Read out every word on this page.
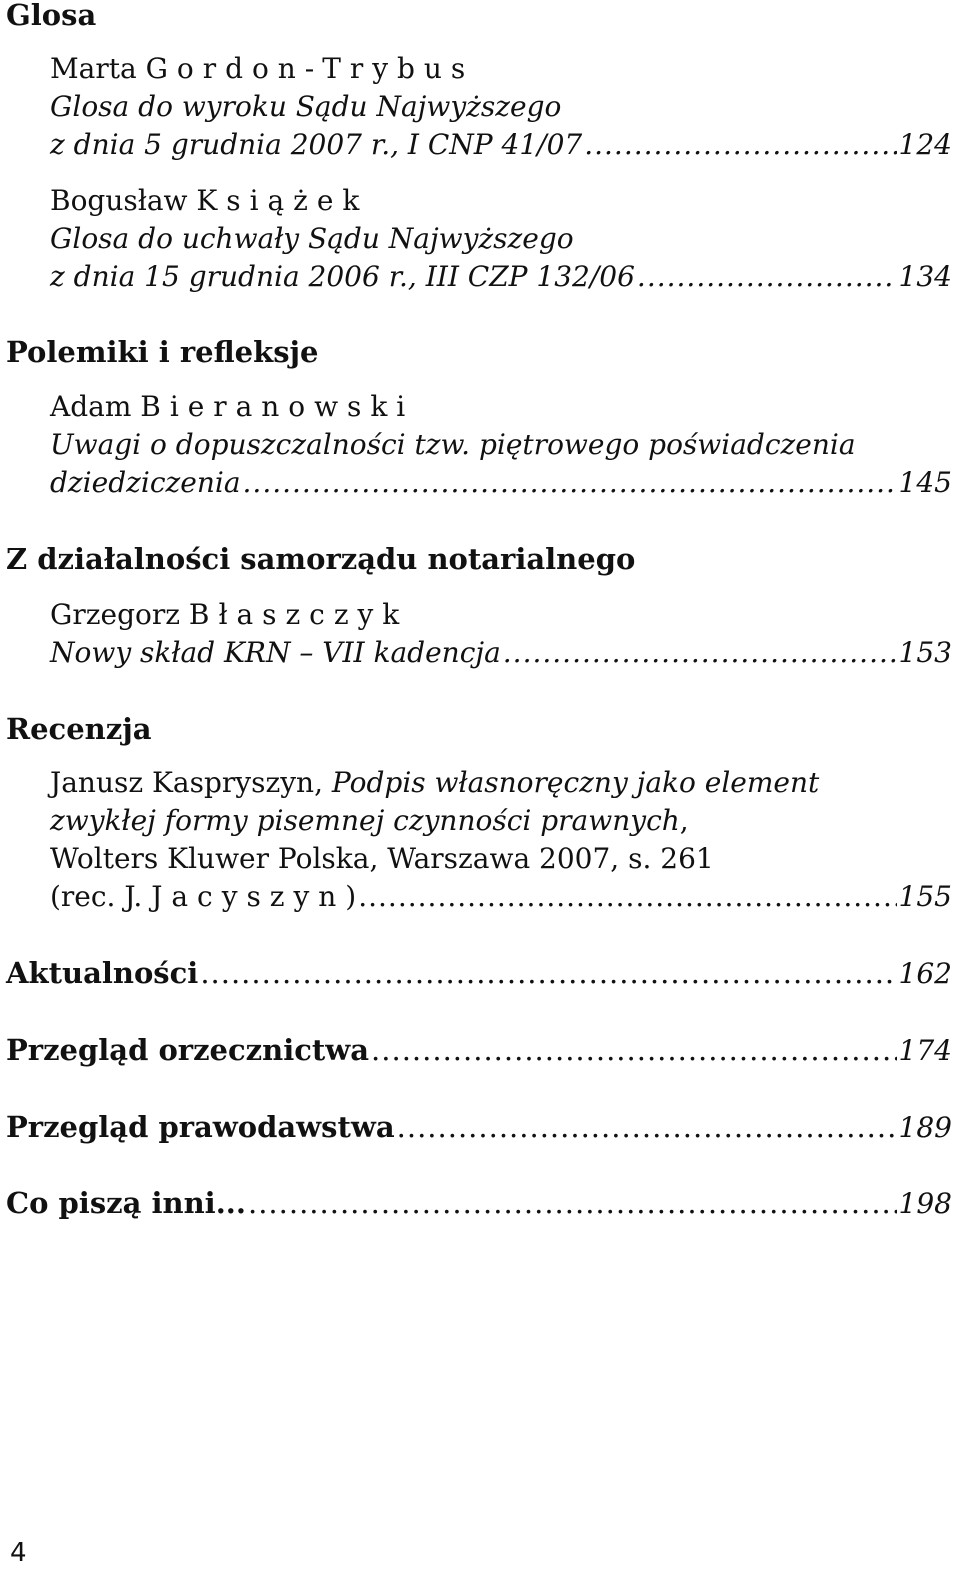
Glosa
Marta Gordon-Trybus
Glosa do wyroku Sądu Najwyższego
z dnia 5 grudnia 2007 r., I CNP 41/07 .....	124
Bogusław Książek
Glosa do uchwały Sądu Najwyższego
z dnia 15 grudnia 2006 r., III CZP 132/06 .....	134
Polemiki i refleksje
Adam Bieranowski
Uwagi o dopuszczalności tzw. piętrowego poświadczenia
dziedziczenia .....	145
Z działalności samorządu notarialnego
Grzegorz Błaszczyk
Nowy skład KRN – VII kadencja .....	153
Recenzja
Janusz Kaspryszyn, Podpis własnoręczny jako element
zwykłej formy pisemnej czynności prawnych,
Wolters Kluwer Polska, Warszawa 2007, s. 261
(rec. J. Jacyszyn) .....	155
Aktualności .....	162
Przegląd orzecznictwa .....	174
Przegląd prawodawstwa .....	189
Co piszą inni... .....	198
4
